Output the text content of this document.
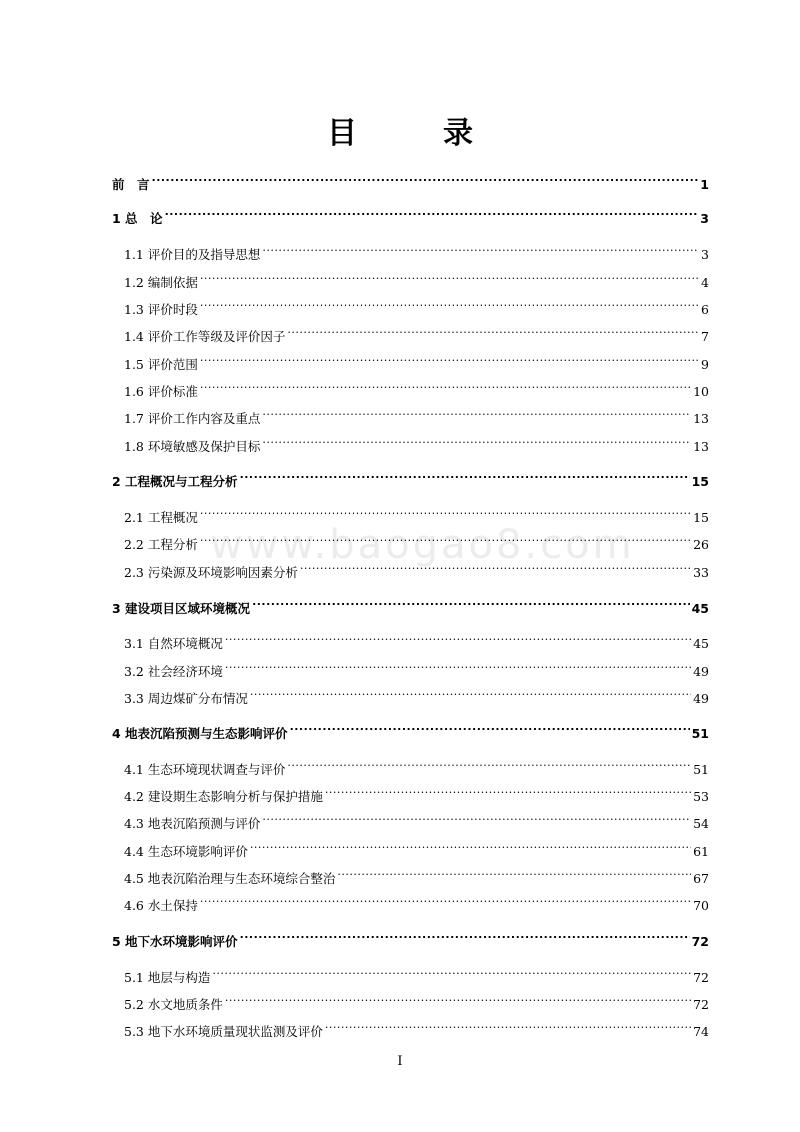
目　录
www.baogao8.com
前　言 .....	1
1 总　论 .....	3
1.1 评价目的及指导思想 .....	3
1.2 编制依据 .....	4
1.3 评价时段 .....	6
1.4 评价工作等级及评价因子 .....	7
1.5 评价范围 .....	9
1.6 评价标准 .....	10
1.7 评价工作内容及重点 .....	13
1.8 环境敏感及保护目标 .....	13
2 工程概况与工程分析 .....	15
2.1 工程概况 .....	15
2.2 工程分析 .....	26
2.3 污染源及环境影响因素分析 .....	33
3 建设项目区域环境概况 .....	45
3.1 自然环境概况 .....	45
3.2 社会经济环境 .....	49
3.3 周边煤矿分布情况 .....	49
4 地表沉陷预测与生态影响评价 .....	51
4.1 生态环境现状调查与评价 .....	51
4.2 建设期生态影响分析与保护措施 .....	53
4.3 地表沉陷预测与评价 .....	54
4.4 生态环境影响评价 .....	61
4.5 地表沉陷治理与生态环境综合整治 .....	67
4.6 水土保持 .....	70
5 地下水环境影响评价 .....	72
5.1 地层与构造 .....	72
5.2 水文地质条件 .....	72
5.3 地下水环境质量现状监测及评价 .....	74
I
